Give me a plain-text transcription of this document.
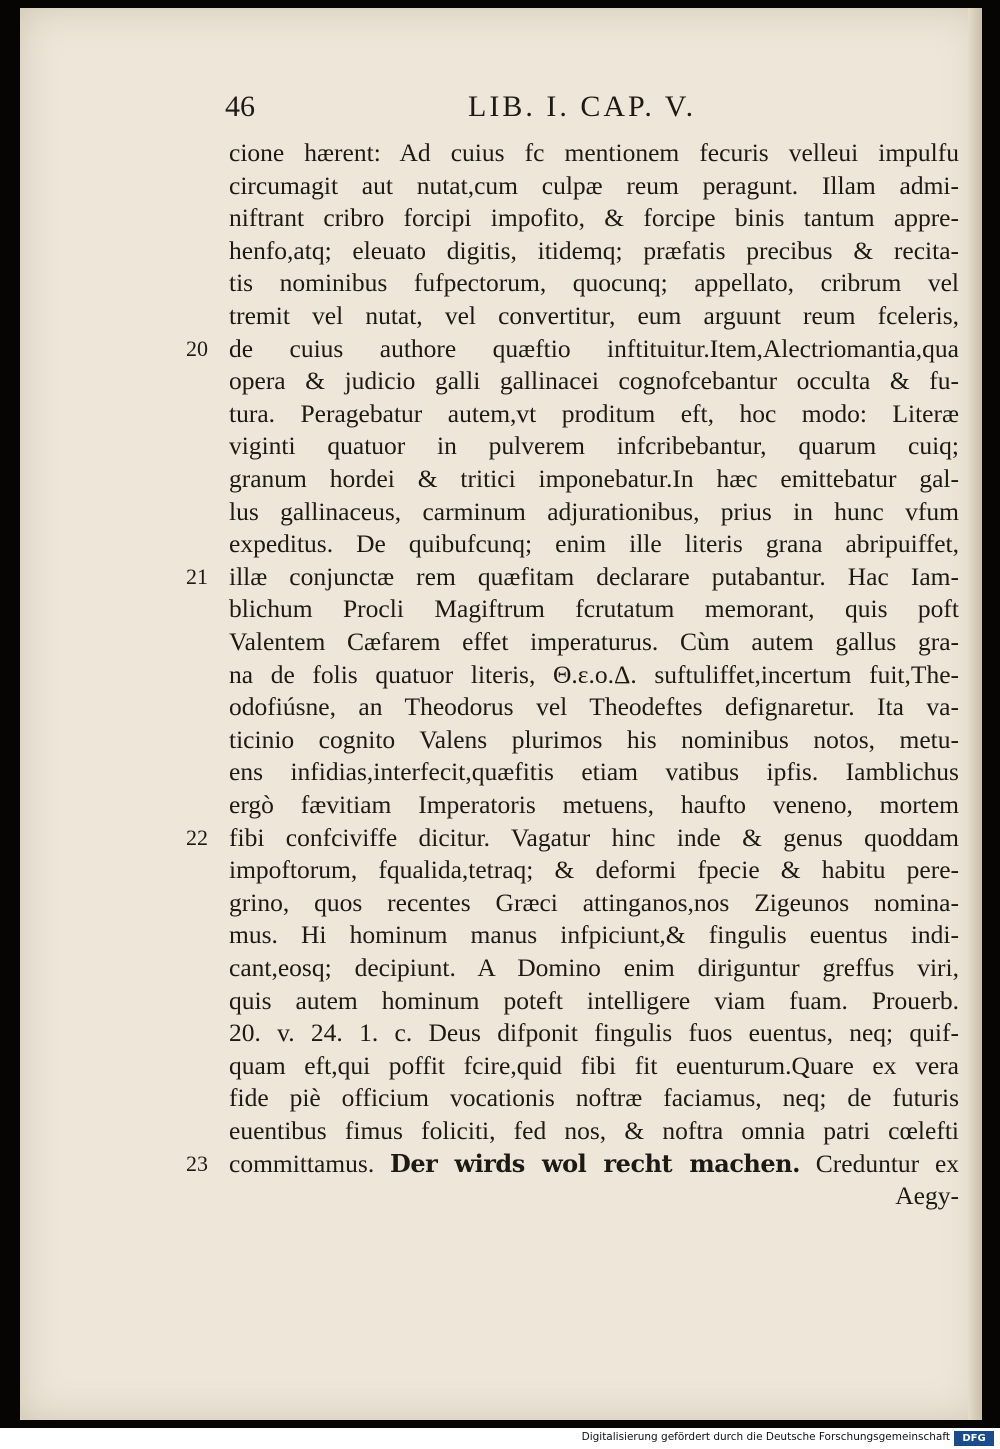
46	LIB. I. CAP. V.
cione hærent: Ad cuius fc mentionem fecuris velleui impulfu
circumagit aut nutat,cum culpæ reum peragunt. Illam admi-
niftrant cribro forcipi impofito, & forcipe binis tantum appre-
henfo,atq; eleuato digitis, itidemq; præfatis precibus & recita-
tis nominibus fufpectorum, quocunq; appellato, cribrum vel
tremit vel nutat, vel convertitur, eum arguunt reum fceleris,
20 de cuius authore quæftio inftituitur.Item,Alectriomantia,qua
opera & judicio galli gallinacei cognofcebantur occulta & fu-
tura. Peragebatur autem,vt proditum eft, hoc modo: Literæ
viginti quatuor in pulverem infcribebantur, quarum cuiq;
granum hordei & tritici imponebatur.In hæc emittebatur gal-
lus gallinaceus, carminum adjurationibus, prius in hunc vfum
expeditus. De quibufcunq; enim ille literis grana abripuiffet,
21 illæ conjunctæ rem quæfitam declarare putabantur. Hac Iam-
blichum Procli Magiftrum fcrutatum memorant, quis poft
Valentem Cæfarem effet imperaturus. Cùm autem gallus gra-
na de folis quatuor literis, Θ.ε.ο.Δ. suftuliffet,incertum fuit,The-
odofiúsne, an Theodorus vel Theodeftes defignaretur. Ita va-
ticinio cognito Valens plurimos his nominibus notos, metu-
ens infidias,interfecit,quæfitis etiam vatibus ipfis. Iamblichus
ergò fævitiam Imperatoris metuens, haufto veneno, mortem
22 fibi confciviffe dicitur. Vagatur hinc inde & genus quoddam
impoftorum, fqualida,tetraq; & deformi fpecie & habitu pere-
grino, quos recentes Græci attinganos,nos Zigeunos nomina-
mus. Hi hominum manus infpiciunt,& fingulis euentus indi-
cant,eosq; decipiunt. A Domino enim diriguntur greffus viri,
quis autem hominum poteft intelligere viam fuam. Prouerb.
20. v. 24. 1. c. Deus difponit fingulis fuos euentus, neq; quif-
quam eft,qui poffit fcire,quid fibi fit euenturum.Quare ex vera
fide piè officium vocationis noftræ faciamus, neq; de futuris
euentibus fimus foliciti, fed nos, & noftra omnia patri cœlefti
23 committamus. Der wirds wol recht machen. Creduntur ex
Aegy-
Digitalisierung gefördert durch die Deutsche Forschungsgemeinschaft	DFG
